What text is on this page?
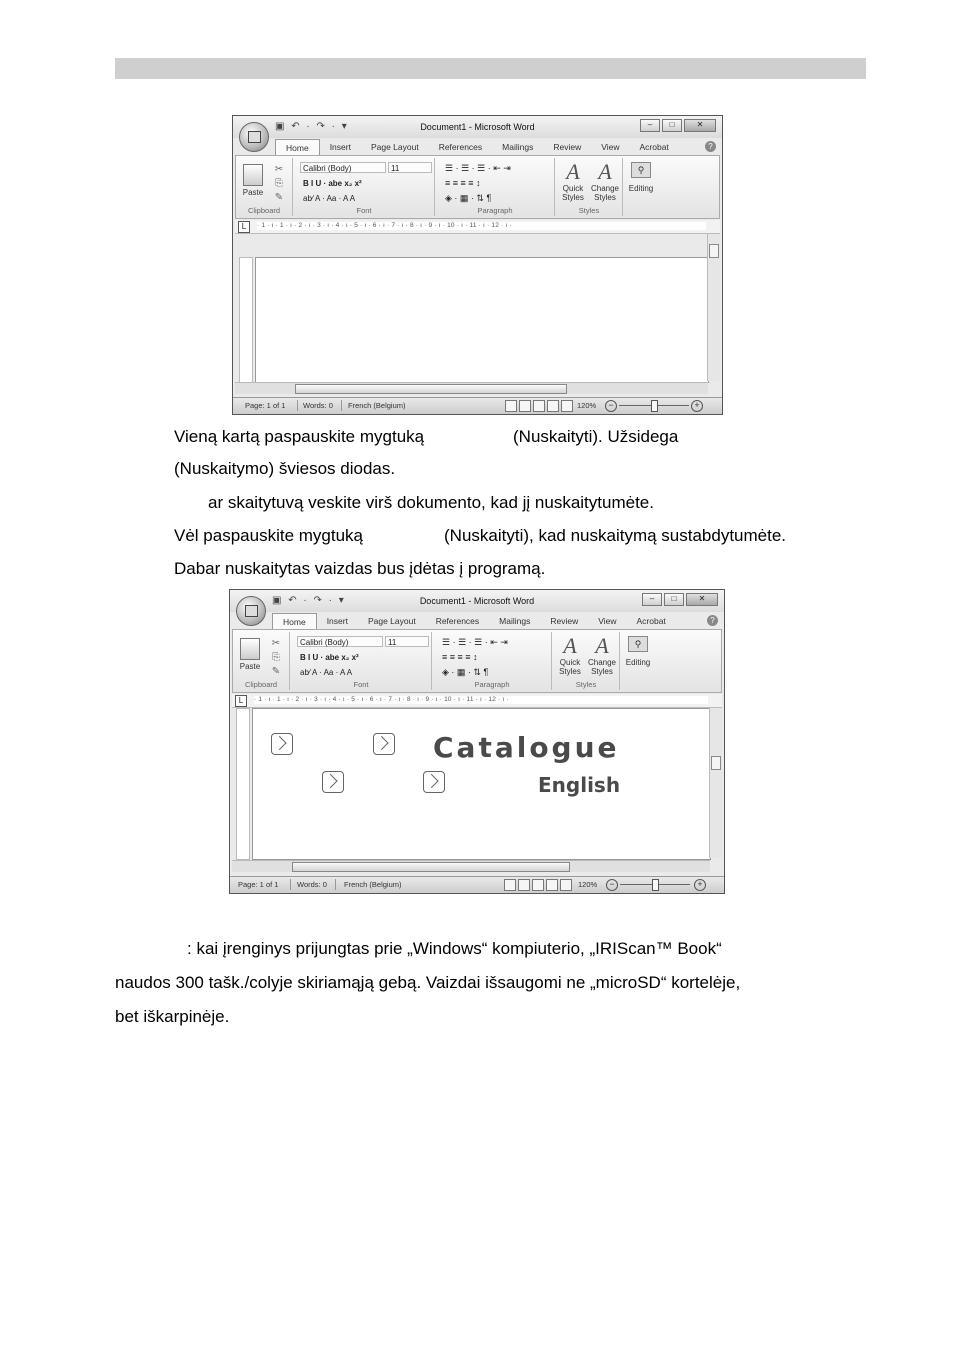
▣ ↶ · ↷ · ▾	Document1 - Microsoft Word	–	□	✕
Home	Insert	Page Layout	References	Mailings	Review	View	Acrobat	?
Paste
✂
⎘
✎
Clipboard
Calibri (Body)	11
B I U · abe x₂ x²
ab⁄ A · Aa · A A
Font
☰ · ☰ · ☰ · ⇤ ⇥
≡ ≡ ≡ ≡ ↕
◈ · ▦ · ⇅ ¶
Paragraph
A
Quick Styles
A
Change Styles
Styles
⚲
Editing
L	· 1 · ı · 1 · ı · 2 · ı · 3 · ı · 4 · ı · 5 · ı · 6 · ı · 7 · ı · 8 · ı · 9 · ı · 10 · ı · 11 · ı · 12 · ı ·
Page: 1 of 1 Words: 0 French (Belgium)	120%	−	+
Vieną kartą paspauskite mygtuką	(Nuskaityti). Užsidega
(Nuskaitymo) šviesos diodas.
ar skaitytuvą veskite virš dokumento, kad jį nuskaitytumėte.
Vėl paspauskite mygtuką	(Nuskaityti), kad nuskaitymą sustabdytumėte.
Dabar nuskaitytas vaizdas bus įdėtas į programą.
▣ ↶ · ↷ · ▾	Document1 - Microsoft Word	–	□	✕
Home	Insert	Page Layout	References	Mailings	Review	View	Acrobat	?
Paste
✂
⎘
✎
Clipboard
Calibri (Body)	11
B I U · abe x₂ x²
ab⁄ A · Aa · A A
Font
☰ · ☰ · ☰ · ⇤ ⇥
≡ ≡ ≡ ≡ ↕
◈ · ▦ · ⇅ ¶
Paragraph
A
Quick Styles
A
Change Styles
Styles
⚲
Editing
L	· 1 · ı · 1 · ı · 2 · ı · 3 · ı · 4 · ı · 5 · ı · 6 · ı · 7 · ı · 8 · ı · 9 · ı · 10 · ı · 11 · ı · 12 · ı ·
Catalogue
English
Page: 1 of 1 Words: 0 French (Belgium)	120%	−	+
: kai įrenginys prijungtas prie „Windows“ kompiuterio, „IRIScan™ Book“
naudos 300 tašk./colyje skiriamąją gebą. Vaizdai išsaugomi ne „microSD“ kortelėje,
bet iškarpinėje.
